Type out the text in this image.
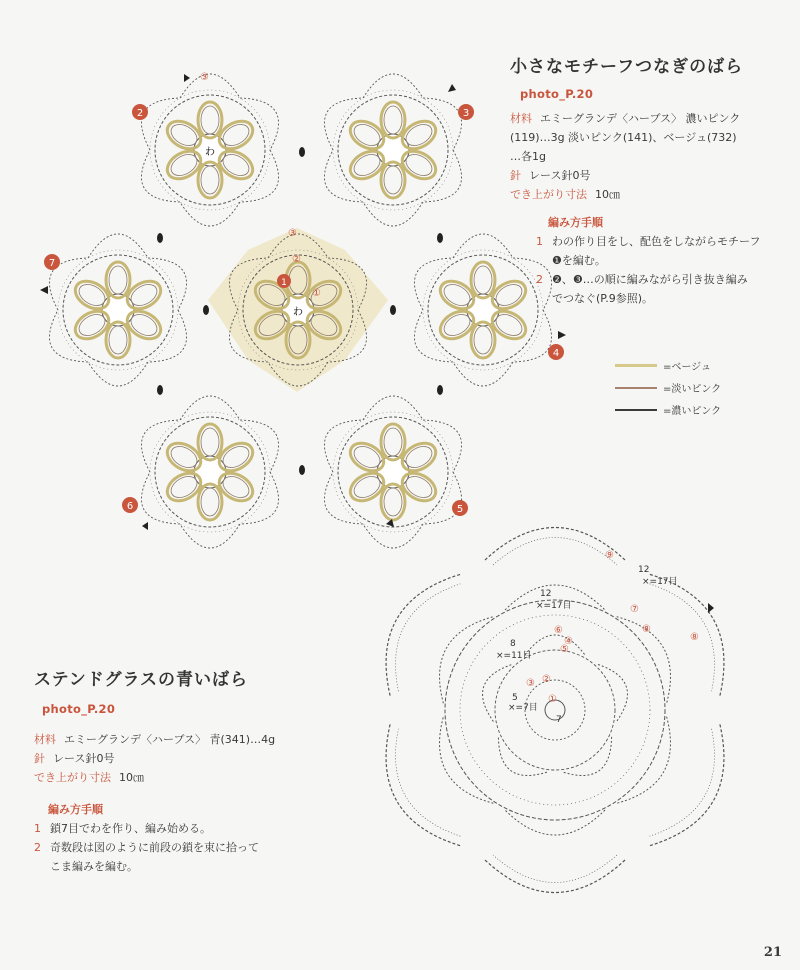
わ
わ
1
2	3
4
5
6
7
③
③
②
①
小さなモチーフつなぎのばら
photo_P.20
材料 エミーグランデ〈ハーブス〉 濃いピンク
(119)…3g 淡いピンク(141)、ベージュ(732)
…各1g
針 レース針0号
でき上がり寸法 10㎝
編み方手順
1 わの作り目をし、配色をしながらモチーフ
❶を編む。
2 ❷、❸…の順に編みながら引き抜き編み
でつなぐ(P.9参照)。
=ベージュ
=淡いピンク
=濃いピンク
ステンドグラスの青いばら
photo_P.20
材料 エミーグランデ〈ハーブス〉 青(341)…4g
針 レース針0号
でき上がり寸法 10㎝
編み方手順
1 鎖7目でわを作り、編み始める。
2 奇数段は図のように前段の鎖を束に拾って
こま編みを編む。
12
×=17目
12
×=17目
8
×=11目
5
×=7目
7
⑨
⑧
⑧
⑦
⑥
⑤
④
③ ②
①
21
